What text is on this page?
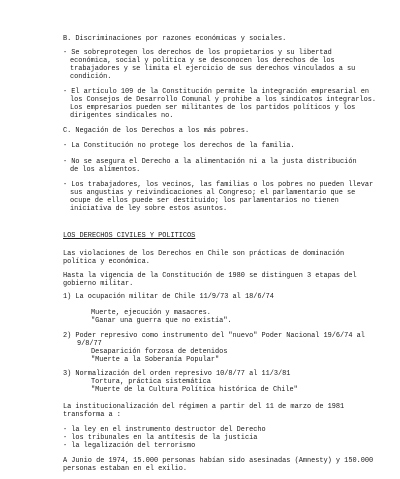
B. Discriminaciones por razones económicas y sociales.
- Se sobreprotegen los derechos de los propietarios y su libertad
económica, social y política y se desconocen los derechos de los
trabajadores y se limita el ejercicio de sus derechos vinculados a su
condición.
- El artículo 109 de la Constitución permite la integración empresarial en
los Consejos de Desarrollo Comunal y prohibe a los sindicatos integrarlos.
Los empresarios pueden ser militantes de los partidos políticos y los
dirigentes sindicales no.
C. Negación de los Derechos a los más pobres.
- La Constitución no protege los derechos de la familia.
- No se asegura el Derecho a la alimentación ni a la justa distribución
de los alimentos.
- Los trabajadores, los vecinos, las familias o los pobres no pueden llevar
sus angustias y reivindicaciones al Congreso; el parlamentario que se
ocupe de ellos puede ser destituido; los parlamentarios no tienen
iniciativa de ley sobre estos asuntos.
LOS DERECHOS CIVILES Y POLITICOS
Las violaciones de los Derechos en Chile son prácticas de dominación
política y económica.
Hasta la vigencia de la Constitución de 1980 se distinguen 3 etapas del
gobierno militar.
1) La ocupación militar de Chile 11/9/73 al 18/6/74
Muerte, ejecución y masacres.
"Ganar una guerra que no existía".
2) Poder represivo como instrumento del "nuevo" Poder Nacional 19/6/74 al
9/8/77
Desaparición forzosa de detenidos
"Muerte a la Soberanía Popular"
3) Normalización del orden represivo 10/8/77 al 11/3/81
Tortura, práctica sistemática
"Muerte de la Cultura Política histórica de Chile"
La institucionalización del régimen a partir del 11 de marzo de 1981
transforma a :
- la ley en el instrumento destructor del Derecho
- los tribunales en la antítesis de la justicia
- la legalización del terrorismo
A Junio de 1974, 15.000 personas habían sido asesinadas (Amnesty) y 150.000
personas estaban en el exilio.
